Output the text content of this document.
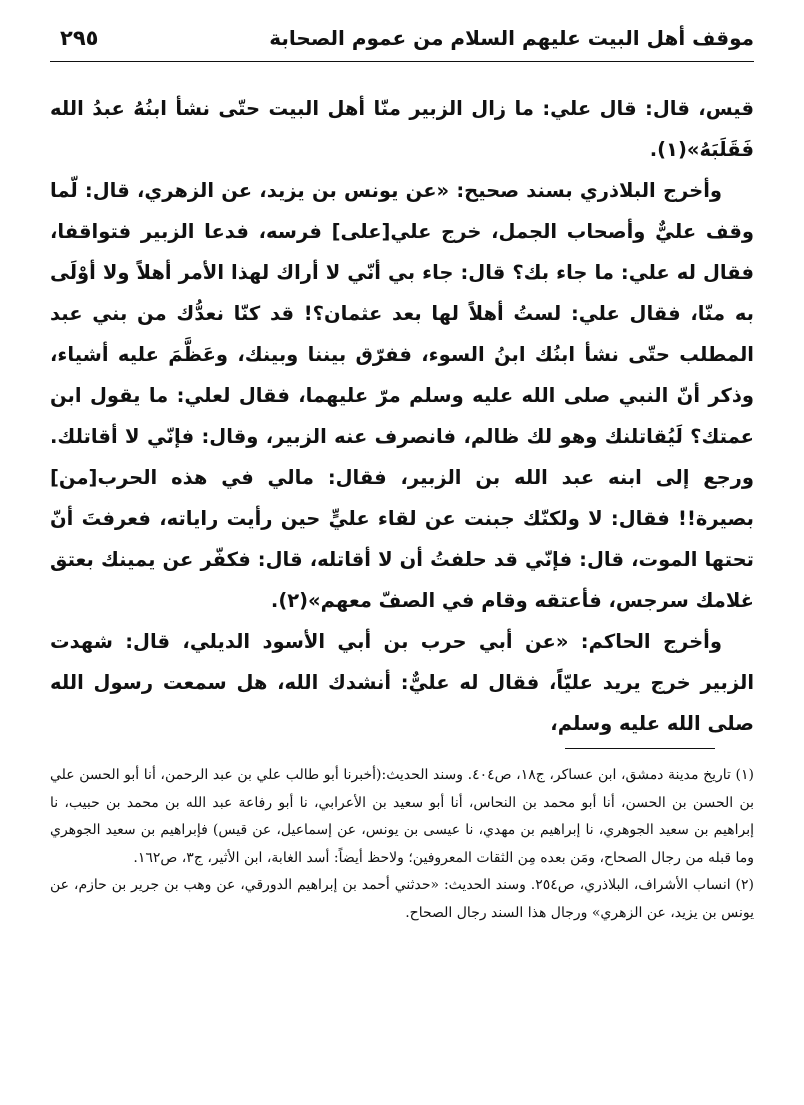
٢٩٥	موقف أهل البيت عليهم السلام من عموم الصحابة

قيس، قال: قال علي: ما زال الزبير منّا أهل البيت حتّى نشأ ابنُهُ عبدُ الله فَقَلَبَهُ»(١).

وأخرج البلاذري بسند صحيح: «عن يونس بن يزيد، عن الزهري، قال: لّما وقف عليٌّ وأصحاب الجمل، خرج علي[على] فرسه، فدعا الزبير فتواقفا، فقال له علي: ما جاء بك؟ قال: جاء بي أنّي لا أراك لهذا الأمر أهلاً ولا أوْلَى به منّا، فقال علي: لستُ أهلاً لها بعد عثمان؟! قد كنّا نعدُّك من بني عبد المطلب حتّى نشأ ابنُك ابنُ السوء، ففرّق بيننا وبينك، وعَظَّمَ عليه أشياء، وذكر أنّ النبي صلى الله عليه وسلم مرّ عليهما، فقال لعلي: ما يقول ابن عمتك؟ لَيُقاتلنك وهو لك ظالم، فانصرف عنه الزبير، وقال: فإنّي لا أقاتلك. ورجع إلى ابنه عبد الله بن الزبير، فقال: مالي في هذه الحرب[من] بصيرة!! فقال: لا ولكنّك جبنت عن لقاء عليٍّ حين رأيت راياته، فعرفتَ أنّ تحتها الموت، قال: فإنّي قد حلفتُ أن لا أقاتله، قال: فكفّر عن يمينك بعتق غلامك سرجس، فأعتقه وقام في الصفّ معهم»(٢).

وأخرج الحاكم: «عن أبي حرب بن أبي الأسود الديلي، قال: شهدت الزبير خرج يريد عليّاً، فقال له عليٌّ: أنشدك الله، هل سمعت رسول الله صلى الله عليه وسلم،

(١) تاريخ مدينة دمشق، ابن عساكر، ج١٨، ص٤٠٤. وسند الحديث:(أخبرنا أبو طالب علي بن عبد الرحمن، أنا أبو الحسن علي بن الحسن بن الحسن، أنا أبو محمد بن النحاس، أنا أبو سعيد بن الأعرابي، نا أبو رفاعة عبد الله بن محمد بن حبيب، نا إبراهيم بن سعيد الجوهري، نا إبراهيم بن مهدي، نا عيسى بن يونس، عن إسماعيل، عن قيس) فإبراهيم بن سعيد الجوهري وما قبله من رجال الصحاح، ومَن بعده مِن الثقات المعروفين؛ ولاحظ أيضاً: أسد الغابة، ابن الأثير، ج٣، ص١٦٢.

(٢) انساب الأشراف، البلاذري، ص٢٥٤. وسند الحديث: «حدثني أحمد بن إبراهيم الدورقي، عن وهب بن جرير بن حازم، عن يونس بن يزيد، عن الزهري» ورجال هذا السند رجال الصحاح.
